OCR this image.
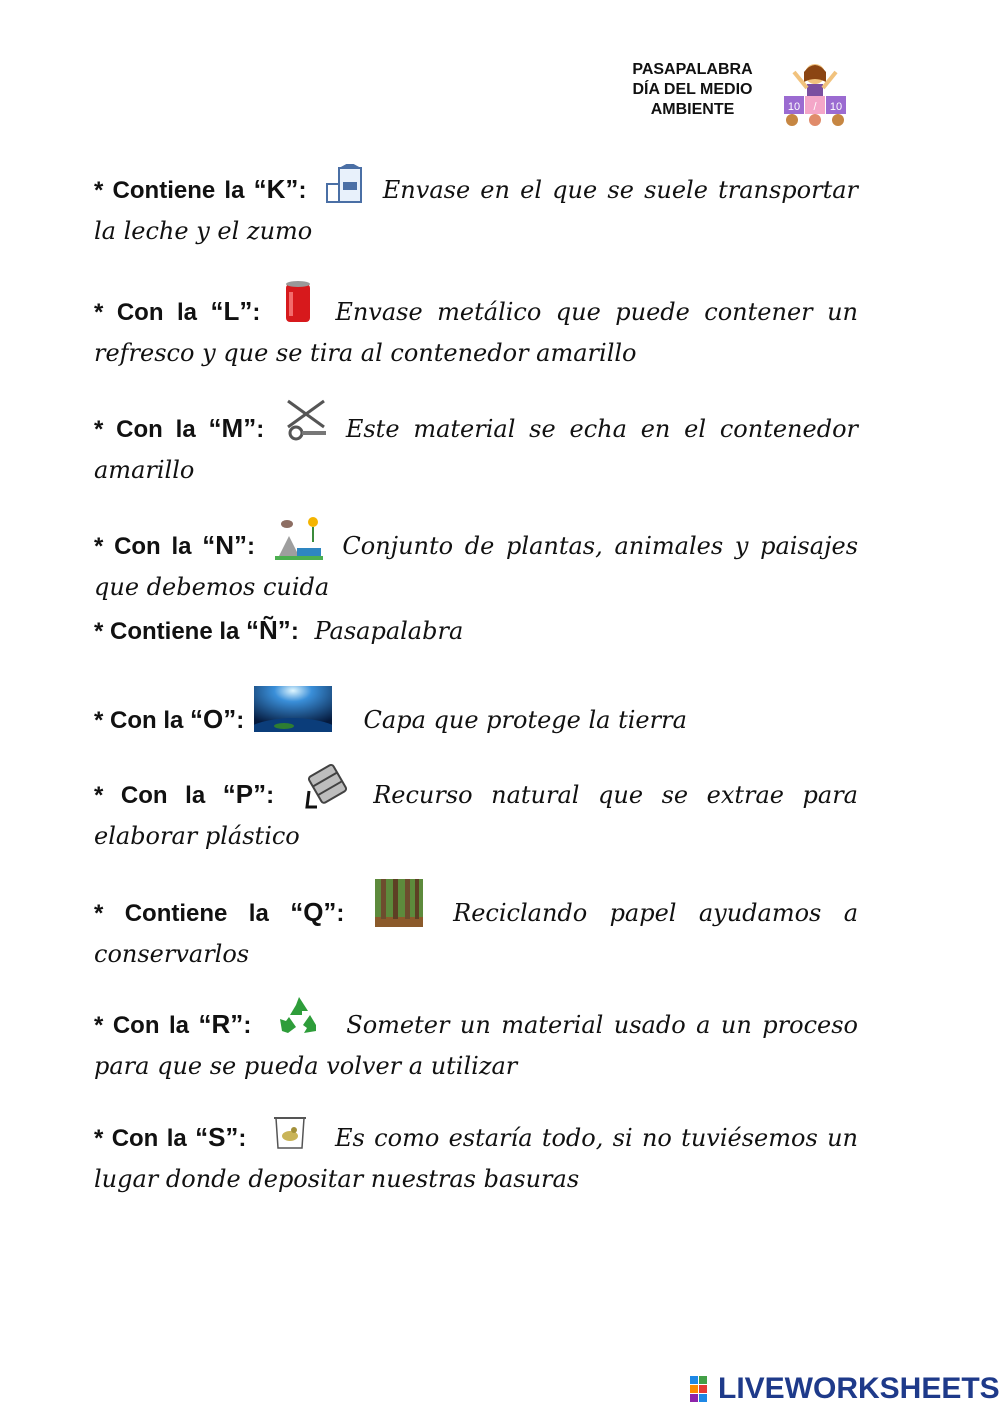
PASAPALABRA
DÍA DEL MEDIO
AMBIENTE	10 / 10
* Contiene la “K”:	Envase en el que se suele transportar la leche y el zumo
* Con la “L”:	Envase metálico que puede contener un refresco y que se tira al contenedor amarillo
* Con la “M”:	Este material se echa en el contenedor amarillo
* Con la “N”:	Conjunto de plantas, animales y paisajes que debemos cuida
* Contiene la “Ñ”: Pasapalabra
* Con la “O”:	Capa que protege la tierra
* Con la “P”:	Recurso natural que se extrae para elaborar plástico
* Contiene la “Q”:	Reciclando papel ayudamos a conservarlos
* Con la “R”:	Someter un material usado a un proceso para que se pueda volver a utilizar
* Con la “S”:	Es como estaría todo, si no tuviésemos un lugar donde depositar nuestras basuras
LIVEWORKSHEETS
